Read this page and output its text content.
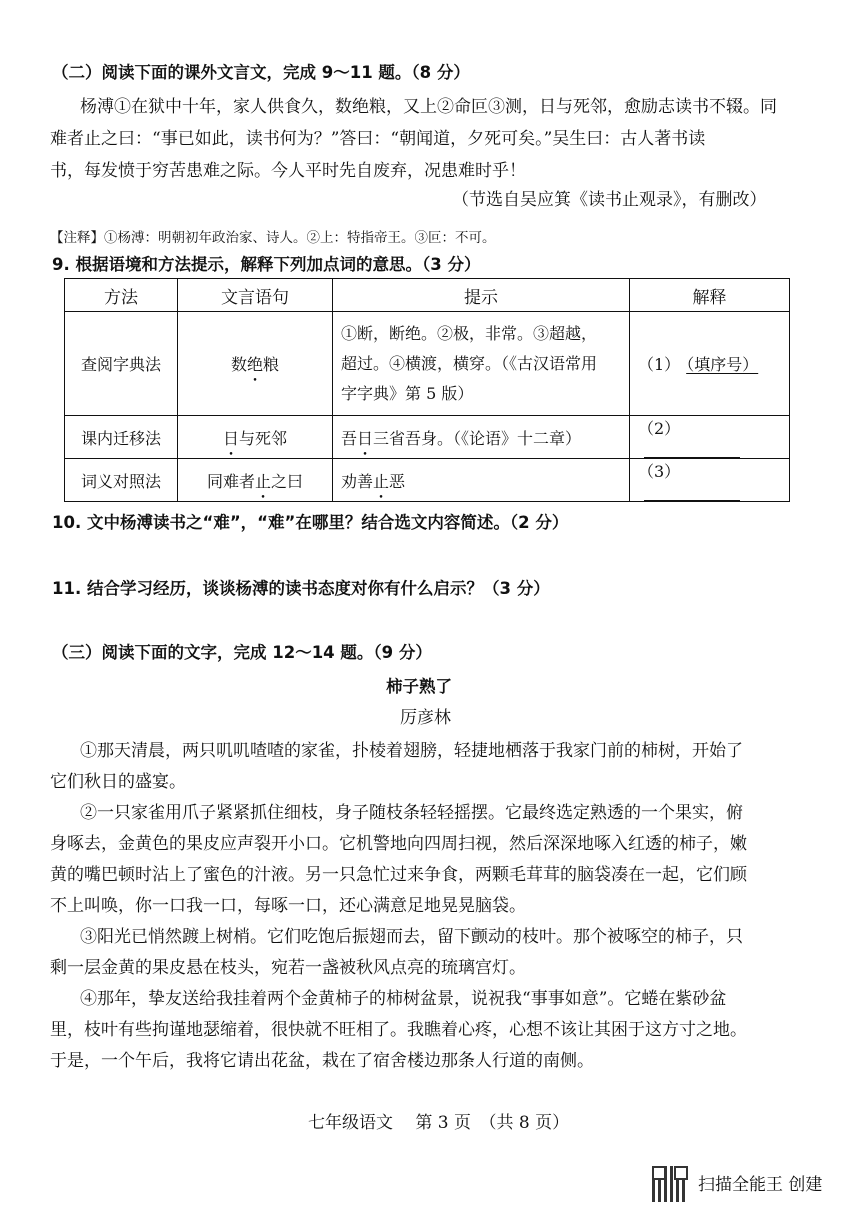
（二）阅读下面的课外文言文，完成 9～11 题。（8 分）
杨溥①在狱中十年，家人供食久，数绝粮，又上②命叵③测，日与死邻，愈励志读书不辍。同
难者止之曰：“事已如此，读书何为？”答曰：“朝闻道，夕死可矣。”吴生曰：古人著书读
书，每发愤于穷苦患难之际。今人平时先自废弃，况患难时乎！
（节选自吴应箕《读书止观录》，有删改）
【注释】①杨溥：明朝初年政治家、诗人。②上：特指帝王。③叵：不可。
9. 根据语境和方法提示，解释下列加点词的意思。（3 分）
方法	文言语句	提示	解释
查阅字典法	数绝粮	①断，断绝。②极，非常。③超越，
超过。④横渡，横穿。（《古汉语常用
字字典》第 5 版）	（1） （填序号）
课内迁移法	日与死邻	吾日三省吾身。（《论语》十二章）	（2）
词义对照法	同难者止之曰	劝善止恶	（3）
10. 文中杨溥读书之“难”，“难”在哪里？结合选文内容简述。（2 分）
11. 结合学习经历，谈谈杨溥的读书态度对你有什么启示？（3 分）
（三）阅读下面的文字，完成 12～14 题。（9 分）
柿子熟了
厉彦林
①那天清晨，两只叽叽喳喳的家雀，扑棱着翅膀，轻捷地栖落于我家门前的柿树，开始了
它们秋日的盛宴。
②一只家雀用爪子紧紧抓住细枝，身子随枝条轻轻摇摆。它最终选定熟透的一个果实，俯
身啄去，金黄色的果皮应声裂开小口。它机警地向四周扫视，然后深深地啄入红透的柿子，嫩
黄的嘴巴顿时沾上了蜜色的汁液。另一只急忙过来争食，两颗毛茸茸的脑袋凑在一起，它们顾
不上叫唤，你一口我一口，每啄一口，还心满意足地晃晃脑袋。
③阳光已悄然踱上树梢。它们吃饱后振翅而去，留下颤动的枝叶。那个被啄空的柿子，只
剩一层金黄的果皮悬在枝头，宛若一盏被秋风点亮的琉璃宫灯。
④那年，挚友送给我挂着两个金黄柿子的柿树盆景，说祝我“事事如意”。它蜷在紫砂盆
里，枝叶有些拘谨地瑟缩着，很快就不旺相了。我瞧着心疼，心想不该让其困于这方寸之地。
于是，一个午后，我将它请出花盆，栽在了宿舍楼边那条人行道的南侧。
七年级语文　 第 3 页　（共 8 页）
扫描全能王 创建
